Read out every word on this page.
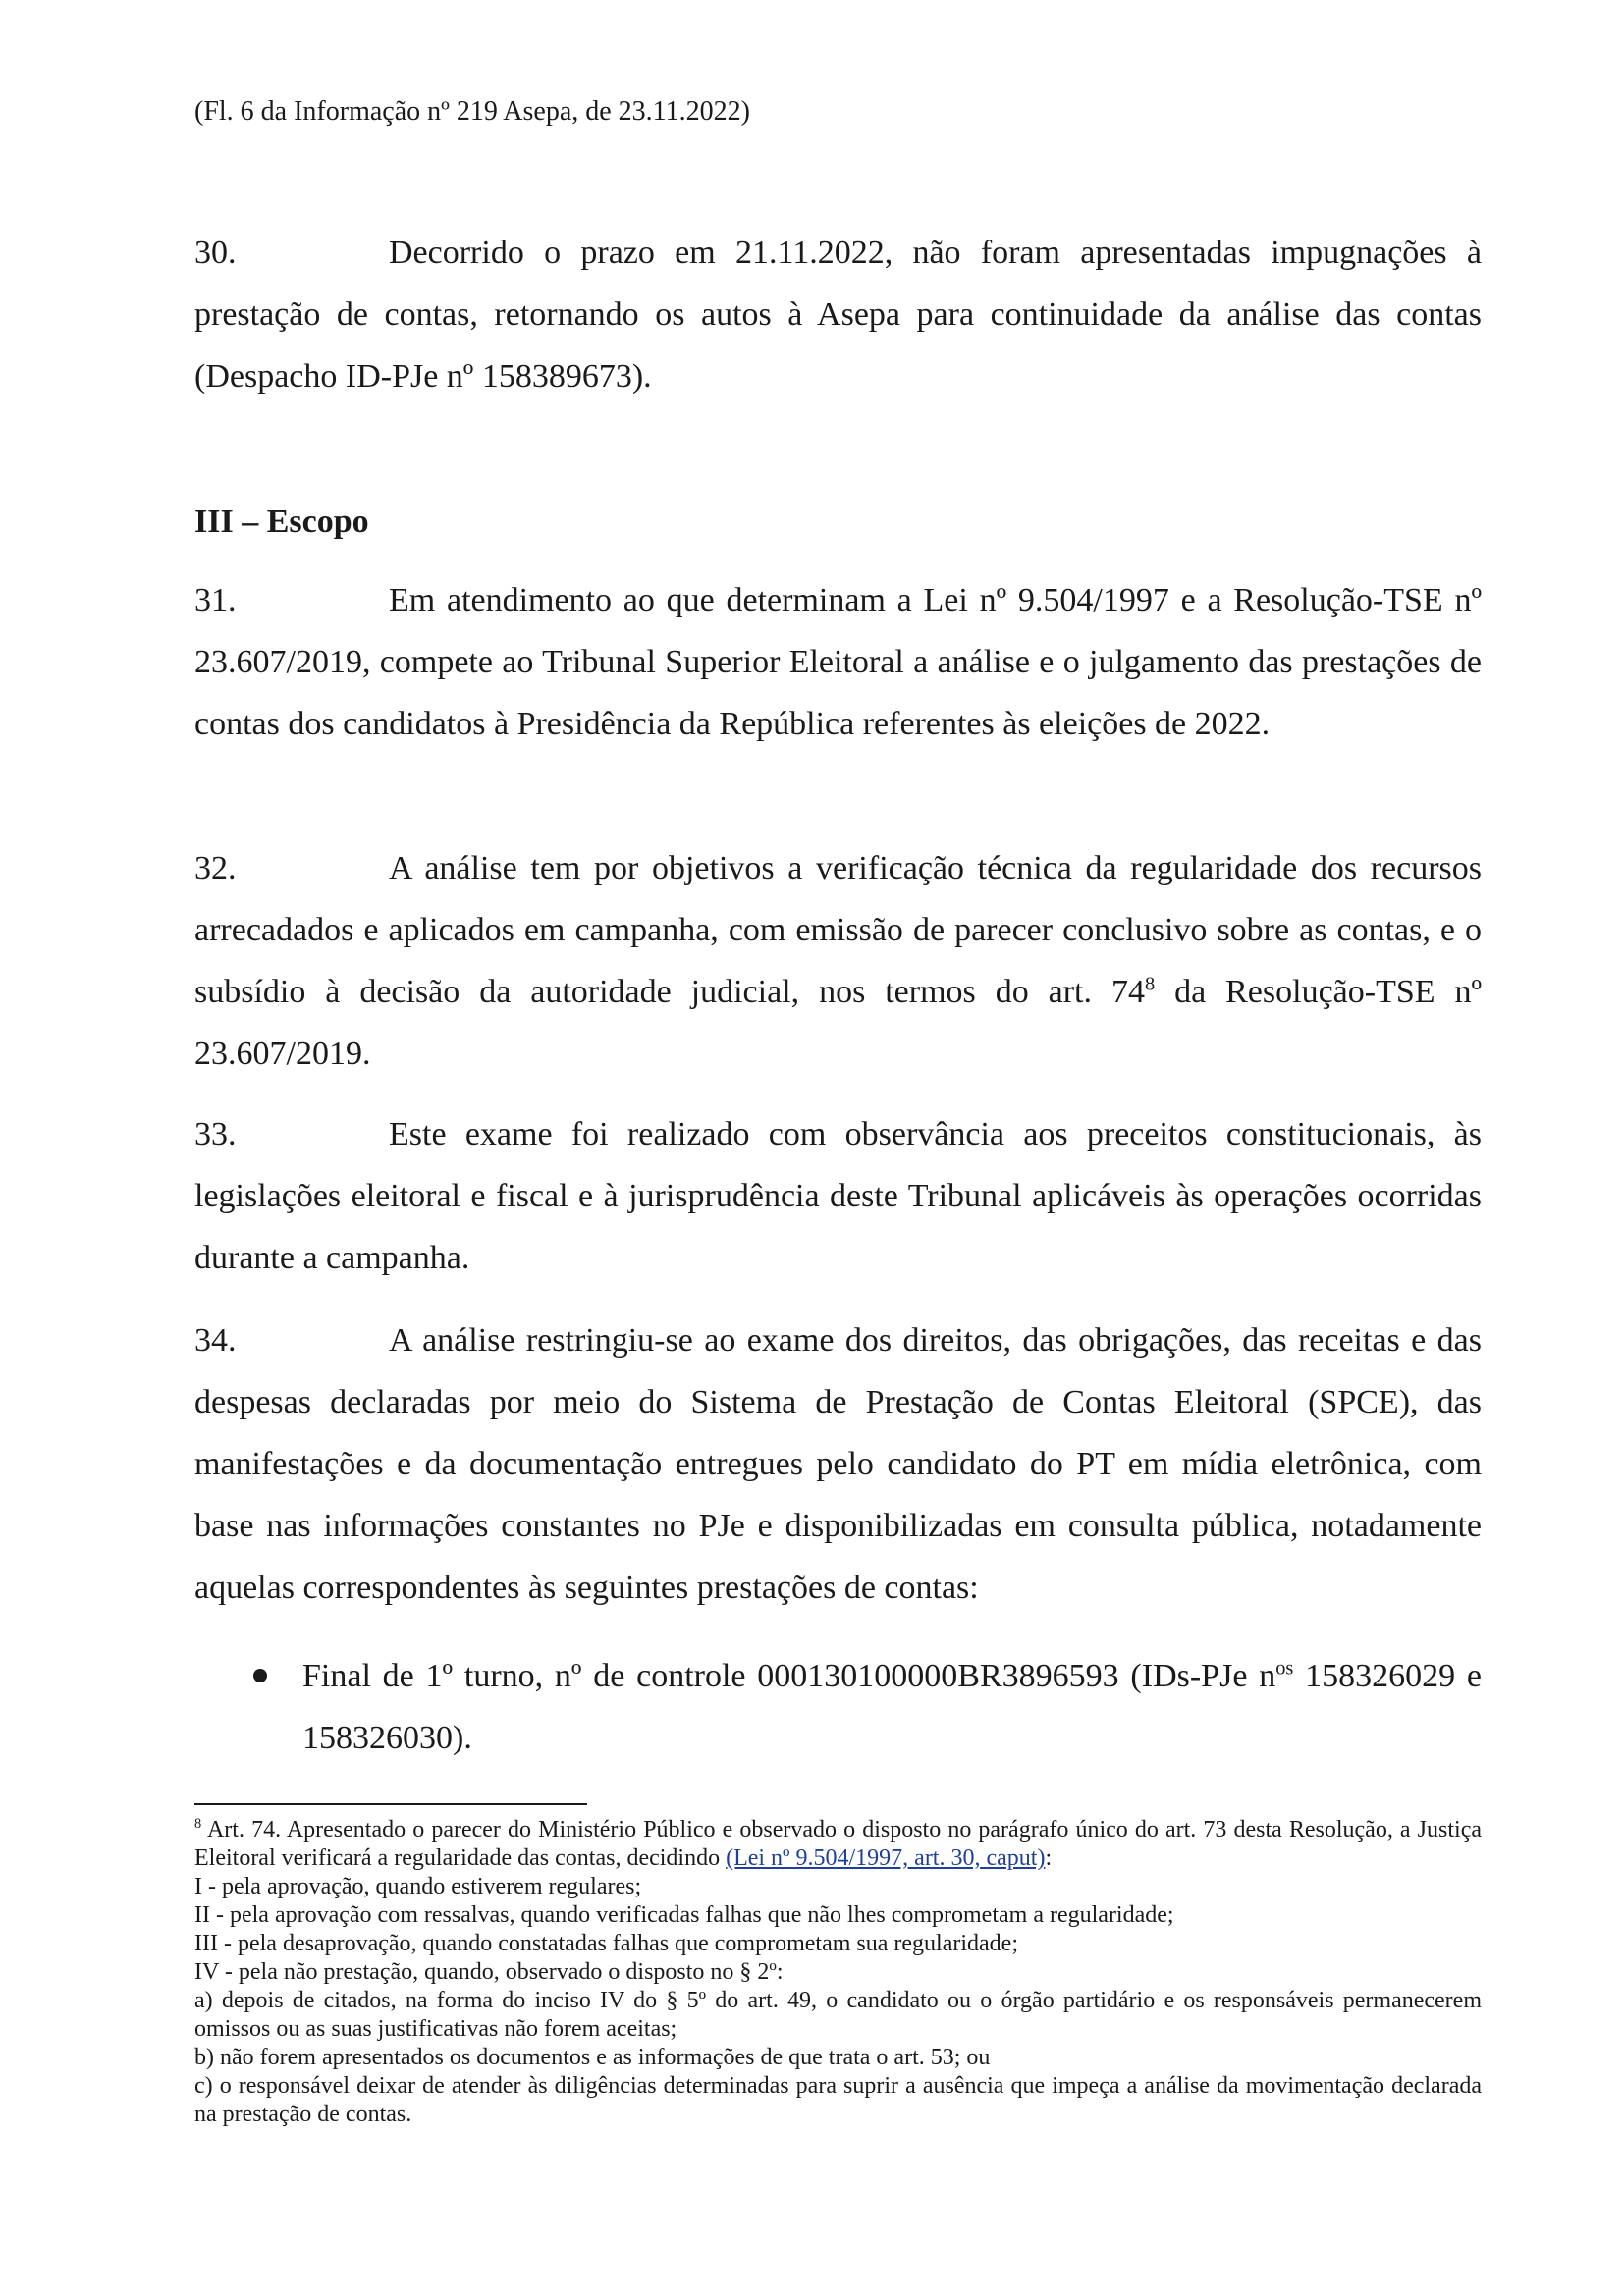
(Fl. 6 da Informação nº 219 Asepa, de 23.11.2022)

30.	Decorrido o prazo em 21.11.2022, não foram apresentadas impugnações à prestação de contas, retornando os autos à Asepa para continuidade da análise das contas (Despacho ID-PJe nº 158389673).

III – Escopo

31.	Em atendimento ao que determinam a Lei nº 9.504/1997 e a Resolução-TSE nº 23.607/2019, compete ao Tribunal Superior Eleitoral a análise e o julgamento das prestações de contas dos candidatos à Presidência da República referentes às eleições de 2022.

32.	A análise tem por objetivos a verificação técnica da regularidade dos recursos arrecadados e aplicados em campanha, com emissão de parecer conclusivo sobre as contas, e o subsídio à decisão da autoridade judicial, nos termos do art. $74^8$ da Resolução-TSE nº 23.607/2019.

33.	Este exame foi realizado com observância aos preceitos constitucionais, às legislações eleitoral e fiscal e à jurisprudência deste Tribunal aplicáveis às operações ocorridas durante a campanha.

34.	A análise restringiu-se ao exame dos direitos, das obrigações, das receitas e das despesas declaradas por meio do Sistema de Prestação de Contas Eleitoral (SPCE), das manifestações e da documentação entregues pelo candidato do PT em mídia eletrônica, com base nas informações constantes no PJe e disponibilizadas em consulta pública, notadamente aquelas correspondentes às seguintes prestações de contas:

Final de 1º turno, nº de controle 000130100000BR3896593 (IDs-PJe $n^{os}$ 158326029 e 158326030).

$^8$ Art. 74. Apresentado o parecer do Ministério Público e observado o disposto no parágrafo único do art. 73 desta Resolução, a Justiça Eleitoral verificará a regularidade das contas, decidindo (Lei nº 9.504/1997, art. 30, caput):

I - pela aprovação, quando estiverem regulares;

II - pela aprovação com ressalvas, quando verificadas falhas que não lhes comprometam a regularidade;

III - pela desaprovação, quando constatadas falhas que comprometam sua regularidade;

IV - pela não prestação, quando, observado o disposto no § 2º:

a) depois de citados, na forma do inciso IV do § 5º do art. 49, o candidato ou o órgão partidário e os responsáveis permanecerem omissos ou as suas justificativas não forem aceitas;

b) não forem apresentados os documentos e as informações de que trata o art. 53; ou

c) o responsável deixar de atender às diligências determinadas para suprir a ausência que impeça a análise da movimentação declarada na prestação de contas.
